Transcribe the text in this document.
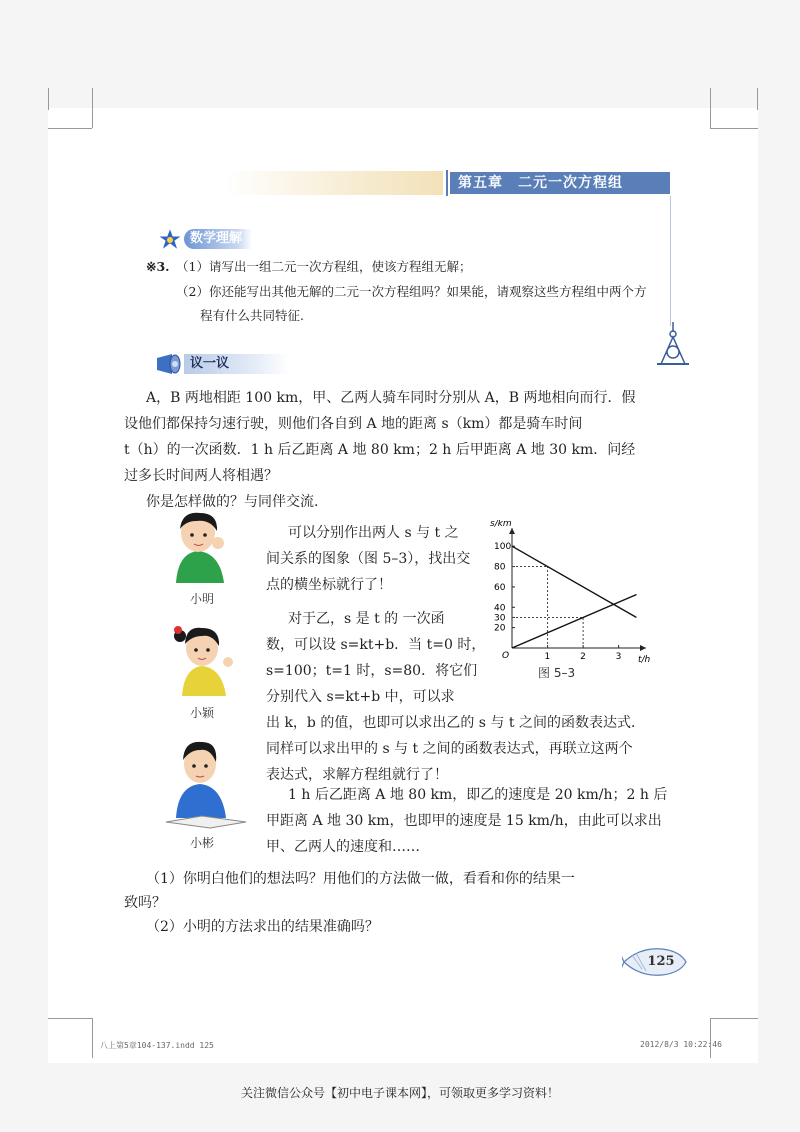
第五章　二元一次方程组
数学理解
※3. （1）请写出一组二元一次方程组，使该方程组无解；
（2）你还能写出其他无解的二元一次方程组吗？如果能，请观察这些方程组中两个方
程有什么共同特征.
议一议
A，B 两地相距 100 km，甲、乙两人骑车同时分别从 A，B 两地相向而行．假
设他们都保持匀速行驶，则他们各自到 A 地的距离 s（km）都是骑车时间
t（h）的一次函数．1 h 后乙距离 A 地 80 km；2 h 后甲距离 A 地 30 km．问经
过多长时间两人将相遇？
你是怎样做的？与同伴交流.
小明
可以分别作出两人 s 与 t 之
间关系的图象（图 5–3），找出交
点的横坐标就行了！
t/h
s/km
O	1	2	3
20
30
40
60
80
100
图 5–3
小颖
对于乙，s 是 t 的 一次函
数，可以设 s=kt+b．当 t=0 时，
s=100；t=1 时，s=80．将它们
分别代入 s=kt+b 中，可以求
出 k，b 的值，也即可以求出乙的 s 与 t 之间的函数表达式．
同样可以求出甲的 s 与 t 之间的函数表达式，再联立这两个
表达式，求解方程组就行了！
小彬
1 h 后乙距离 A 地 80 km，即乙的速度是 20 km/h；2 h 后
甲距离 A 地 30 km，也即甲的速度是 15 km/h，由此可以求出
甲、乙两人的速度和……
（1）你明白他们的想法吗？用他们的方法做一做，看看和你的结果一
致吗？
（2）小明的方法求出的结果准确吗？
125
八上第5章104-137.indd 125	2012/8/3 10:22:46
关注微信公众号【初中电子课本网】，可领取更多学习资料！
